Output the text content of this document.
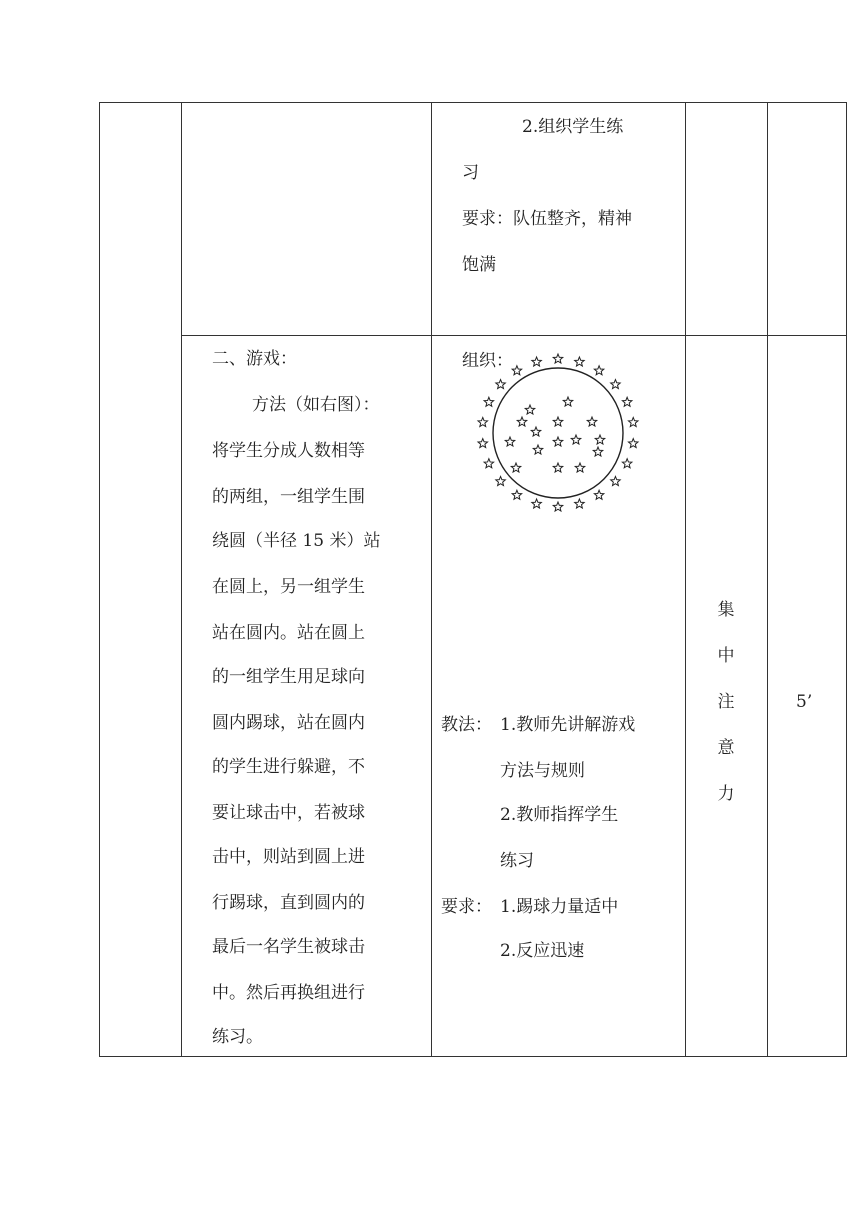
2.组织学生练
习
要求：队伍整齐，精神
饱满
二、游戏：
方法（如右图）：
将学生分成人数相等
的两组，一组学生围
绕圆（半径 15 米）站
在圆上，另一组学生
站在圆内。站在圆上
的一组学生用足球向
圆内踢球，站在圆内
的学生进行躲避，不
要让球击中，若被球
击中，则站到圆上进
行踢球，直到圆内的
最后一名学生被球击
中。然后再换组进行
练习。
组织：
教法： 1.教师先讲解游戏
方法与规则
2.教师指挥学生
练习
要求： 1.踢球力量适中
2.反应迅速
集
中
注
意
力
5’
